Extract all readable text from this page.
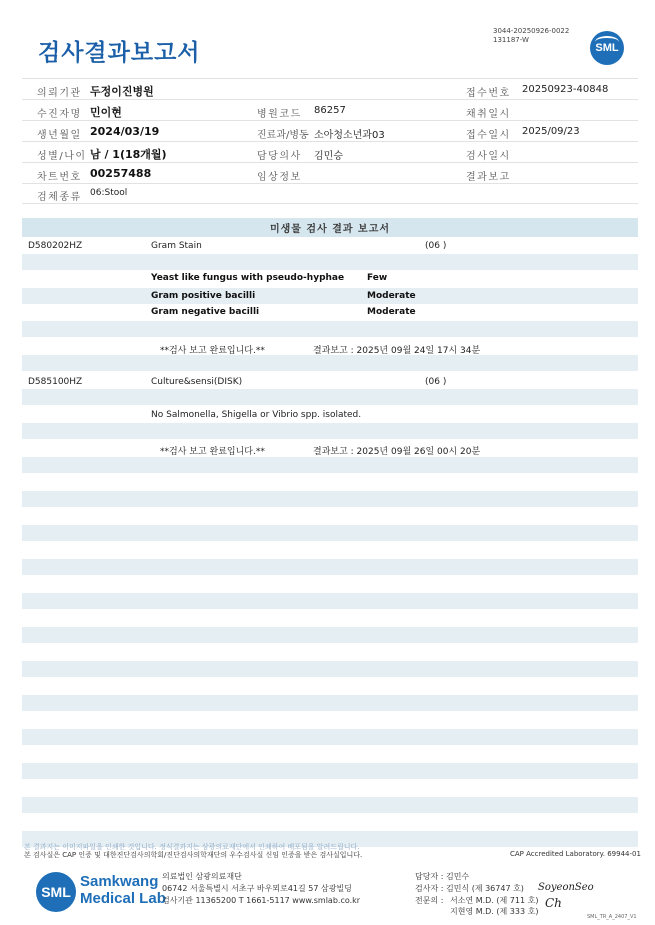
검사결과보고서
3044-20250926-0022
131187-W
SML
의뢰기관 두정이진병원	접수번호 20250923-40848
수진자명 민이현	병원코드 86257	채취일시
생년월일 2024/03/19	진료과/병동 소아청소년과03	접수일시 2025/09/23
성별/나이 남 / 1(18개월)	담당의사 김민승	검사일시
차트번호 00257488	임상정보	결과보고
검체종류 06:Stool
미생물 검사 결과 보고서
D580202HZ	Gram Stain	(06 )
Yeast like fungus with pseudo-hyphae	Few
Gram positive bacilli	Moderate
Gram negative bacilli	Moderate
**검사 보고 완료입니다.**	결과보고 : 2025년 09월 24일 17시 34분
D585100HZ	Culture&sensi(DISK)	(06 )
No Salmonella, Shigella or Vibrio spp. isolated.
**검사 보고 완료입니다.**	결과보고 : 2025년 09월 26일 00시 20분
본 결과지는 이미지파일을 인쇄한 것입니다. 정식결과지는 삼광의료재단에서 인쇄하여 배포됨을 알려드립니다.
본 검사실은 CAP 인증 및 대한진단검사의학회/진단검사의학재단의 우수검사실 신임 인증을 받은 검사실입니다.	CAP Accredited Laboratory. 69944-01
SML
Samkwang
Medical Lab
의료법인 삼광의료재단
06742 서울특별시 서초구 바우뫼로41길 57 삼광빌딩
검사기관 11365200 T 1661-5117 www.smlab.co.kr
담당자 : 김민수
검사자 : 김민식 (제 36747 호)
전문의 : 서소연 M.D. (제 711 호)
지현영 M.D. (제 333 호)
SoyeonSeo
Ch
SML_TR_A_2407_V1
